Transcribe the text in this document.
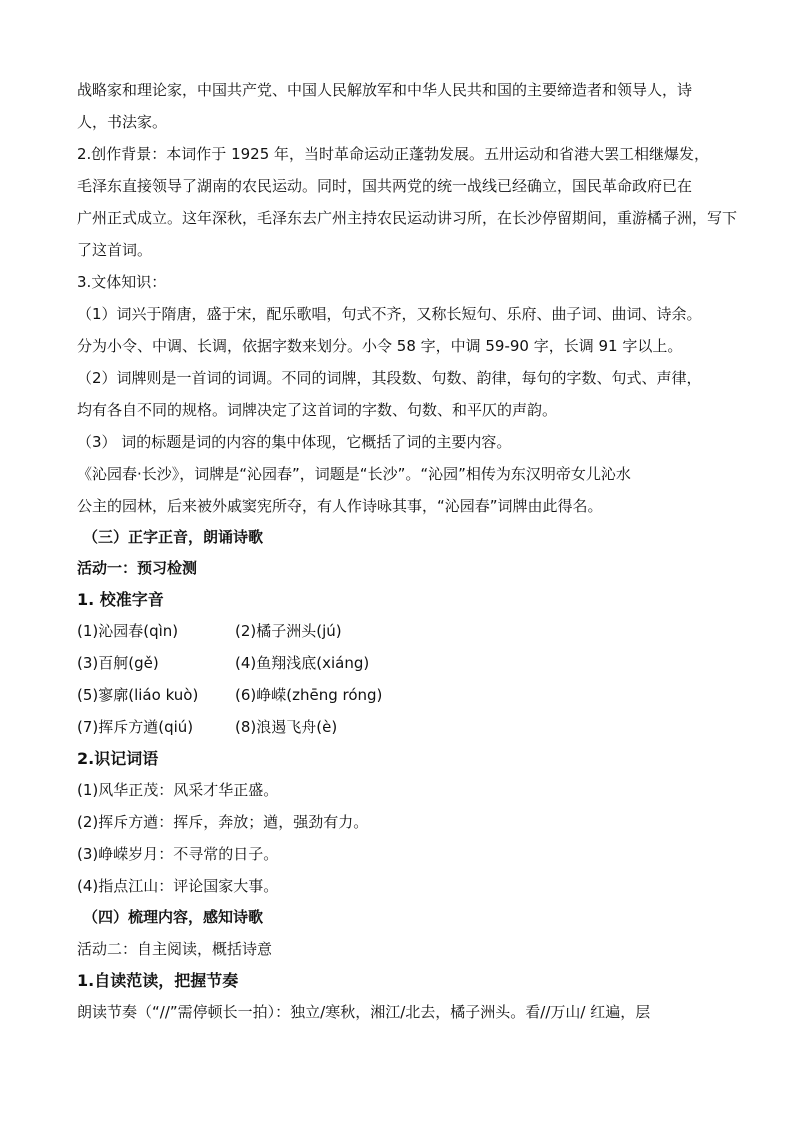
战略家和理论家，中国共产党、中国人民解放军和中华人民共和国的主要缔造者和领导人，诗

人，书法家。

2.创作背景：本词作于 1925 年，当时革命运动正蓬勃发展。五卅运动和省港大罢工相继爆发，

毛泽东直接领导了湖南的农民运动。同时，国共两党的统一战线已经确立，国民革命政府已在

广州正式成立。这年深秋，毛泽东去广州主持农民运动讲习所，在长沙停留期间，重游橘子洲，写下

了这首词。

3.文体知识：

（1）词兴于隋唐，盛于宋，配乐歌唱，句式不齐，又称长短句、乐府、曲子词、曲词、诗余。

分为小令、中调、长调，依据字数来划分。小令 58 字，中调 59-90 字，长调 91 字以上。

（2）词牌则是一首词的词调。不同的词牌，其段数、句数、韵律，每句的字数、句式、声律，

均有各自不同的规格。词牌决定了这首词的字数、句数、和平仄的声韵。

（3） 词的标题是词的内容的集中体现，它概括了词的主要内容。

《沁园春·长沙》，词牌是“沁园春”，词题是“长沙”。“沁园”相传为东汉明帝女儿沁水

公主的园林，后来被外戚窦宪所夺，有人作诗咏其事，“沁园春”词牌由此得名。

（三）正字正音，朗诵诗歌

活动一：预习检测

1. 校准字音

(1)沁园春(qìn)	(2)橘子洲头(jú)

(3)百舸(gě)	(4)鱼翔浅底(xiáng)

(5)寥廓(liáo kuò)	(6)峥嵘(zhēng róng)

(7)挥斥方遒(qiú)	(8)浪遏飞舟(è)

2.识记词语

(1)风华正茂：风采才华正盛。

(2)挥斥方遒：挥斥，奔放；遒，强劲有力。

(3)峥嵘岁月：不寻常的日子。

(4)指点江山：评论国家大事。

（四）梳理内容，感知诗歌

活动二：自主阅读，概括诗意

1.自读范读，把握节奏

朗读节奏（“//”需停顿长一拍）：独立/寒秋，湘江/北去，橘子洲头。看//万山/ 红遍，层
